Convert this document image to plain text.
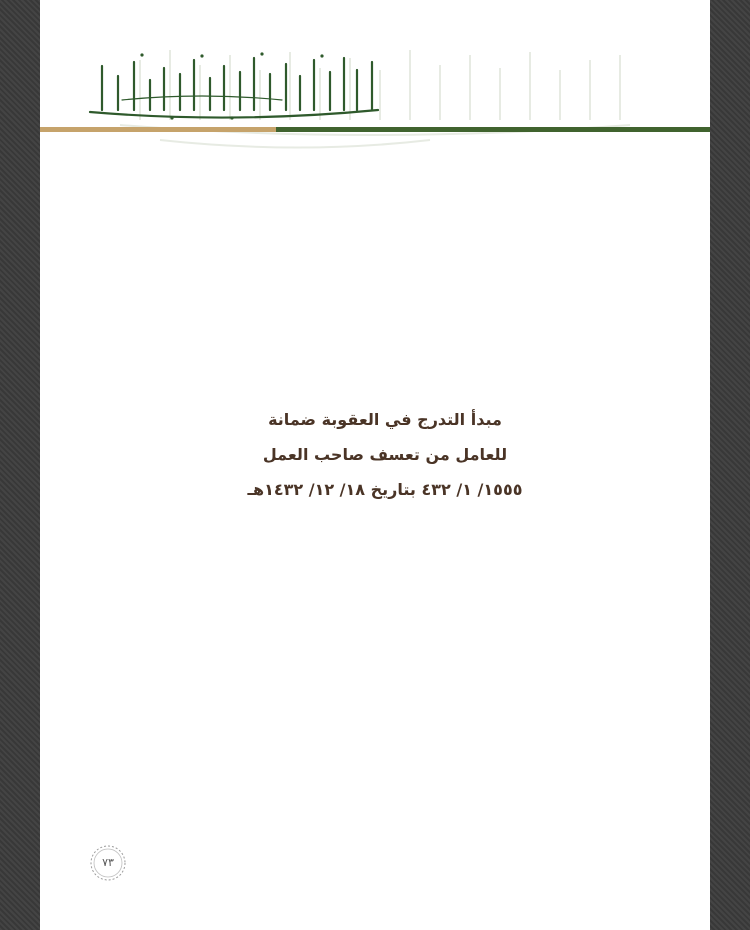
مبدأ التدرج في العقوبة ضمانة
للعامل من تعسف صاحب العمل
١٥٥٥/ ١/ ٤٣٢ بتاريخ ١٨/ ١٢/ ١٤٣٢هـ
٧٣
